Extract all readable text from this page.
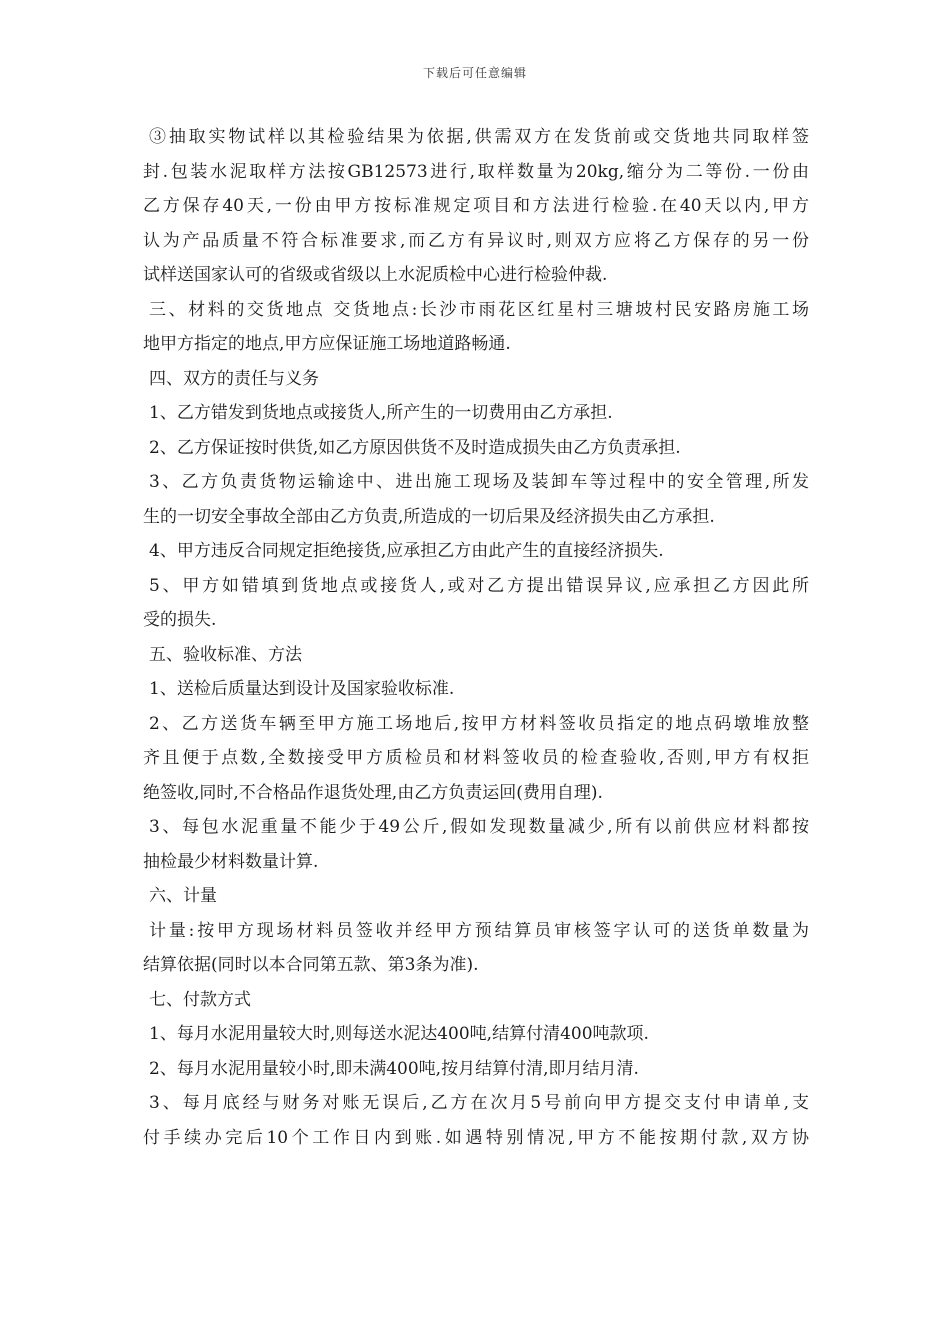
下载后可任意编辑

③抽取实物试样以其检验结果为依据,供需双方在发货前或交货地共同取样签

封.包装水泥取样方法按GB12573进行,取样数量为20kg,缩分为二等份.一份由

乙方保存40天,一份由甲方按标准规定项目和方法进行检验.在40天以内,甲方

认为产品质量不符合标准要求,而乙方有异议时,则双方应将乙方保存的另一份

试样送国家认可的省级或省级以上水泥质检中心进行检验仲裁.

三、材料的交货地点 交货地点:长沙市雨花区红星村三塘坡村民安路房施工场

地甲方指定的地点,甲方应保证施工场地道路畅通.

四、双方的责任与义务

1、乙方错发到货地点或接货人,所产生的一切费用由乙方承担.

2、乙方保证按时供货,如乙方原因供货不及时造成损失由乙方负责承担.

3、乙方负责货物运输途中、进出施工现场及装卸车等过程中的安全管理,所发

生的一切安全事故全部由乙方负责,所造成的一切后果及经济损失由乙方承担.

4、甲方违反合同规定拒绝接货,应承担乙方由此产生的直接经济损失.

5、甲方如错填到货地点或接货人,或对乙方提出错误异议,应承担乙方因此所

受的损失.

五、验收标准、方法

1、送检后质量达到设计及国家验收标准.

2、乙方送货车辆至甲方施工场地后,按甲方材料签收员指定的地点码墩堆放整

齐且便于点数,全数接受甲方质检员和材料签收员的检查验收,否则,甲方有权拒

绝签收,同时,不合格品作退货处理,由乙方负责运回(费用自理).

3、每包水泥重量不能少于49公斤,假如发现数量减少,所有以前供应材料都按

抽检最少材料数量计算.

六、计量

计量:按甲方现场材料员签收并经甲方预结算员审核签字认可的送货单数量为

结算依据(同时以本合同第五款、第3条为准).

七、付款方式

1、每月水泥用量较大时,则每送水泥达400吨,结算付清400吨款项.

2、每月水泥用量较小时,即未满400吨,按月结算付清,即月结月清.

3、每月底经与财务对账无误后,乙方在次月5号前向甲方提交支付申请单,支

付手续办完后10个工作日内到账.如遇特别情况,甲方不能按期付款,双方协
